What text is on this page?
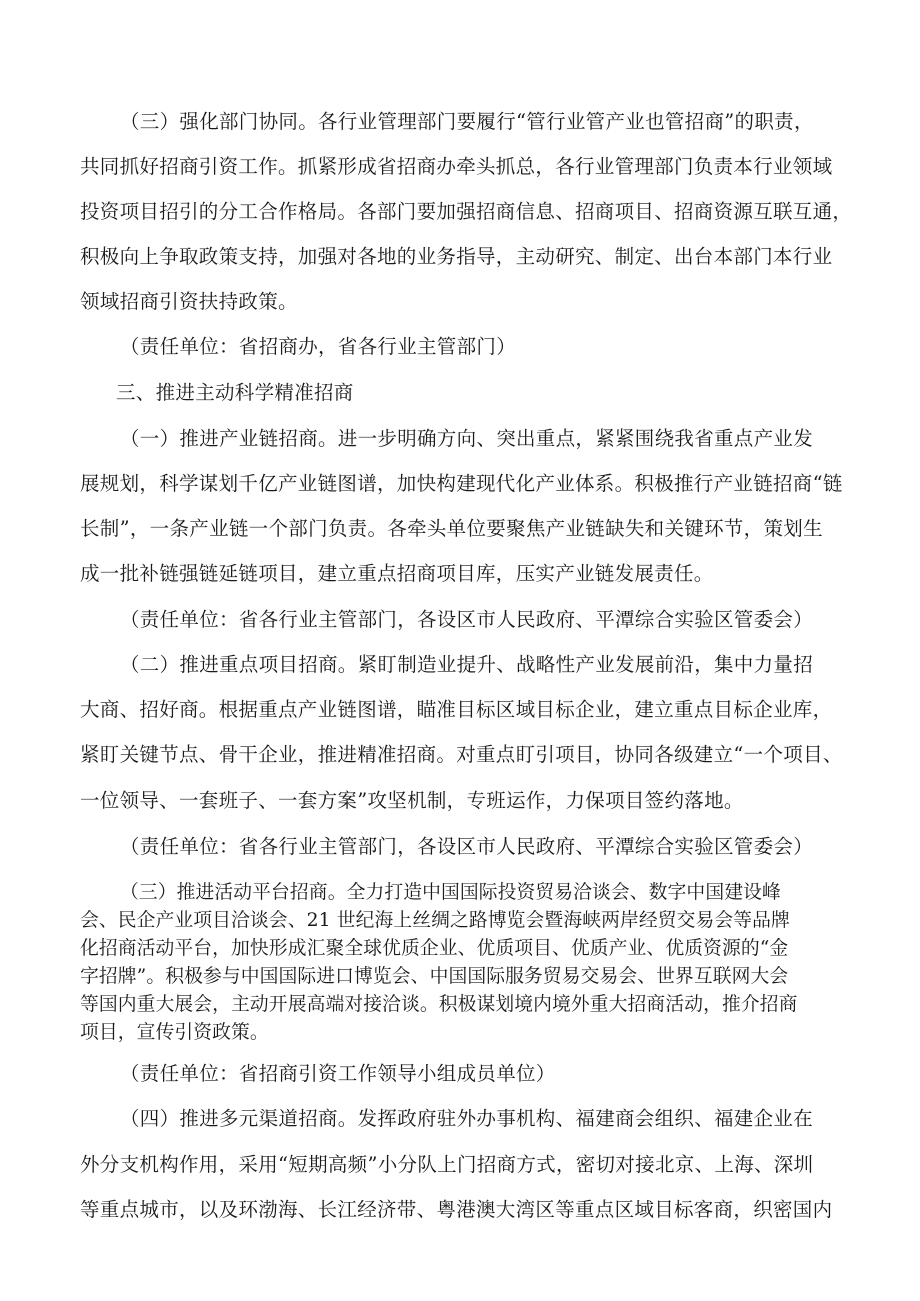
（三）强化部门协同。各行业管理部门要履行“管行业管产业也管招商”的职责，
共同抓好招商引资工作。抓紧形成省招商办牵头抓总，各行业管理部门负责本行业领域
投资项目招引的分工合作格局。各部门要加强招商信息、招商项目、招商资源互联互通，
积极向上争取政策支持，加强对各地的业务指导，主动研究、制定、出台本部门本行业
领域招商引资扶持政策。
（责任单位：省招商办，省各行业主管部门）
三、推进主动科学精准招商
（一）推进产业链招商。进一步明确方向、突出重点，紧紧围绕我省重点产业发
展规划，科学谋划千亿产业链图谱，加快构建现代化产业体系。积极推行产业链招商“链
长制”，一条产业链一个部门负责。各牵头单位要聚焦产业链缺失和关键环节，策划生
成一批补链强链延链项目，建立重点招商项目库，压实产业链发展责任。
（责任单位：省各行业主管部门，各设区市人民政府、平潭综合实验区管委会）
（二）推进重点项目招商。紧盯制造业提升、战略性产业发展前沿，集中力量招
大商、招好商。根据重点产业链图谱，瞄准目标区域目标企业，建立重点目标企业库，
紧盯关键节点、骨干企业，推进精准招商。对重点盯引项目，协同各级建立“一个项目、
一位领导、一套班子、一套方案”攻坚机制，专班运作，力保项目签约落地。
（责任单位：省各行业主管部门，各设区市人民政府、平潭综合实验区管委会）
（三）推进活动平台招商。全力打造中国国际投资贸易洽谈会、数字中国建设峰
会、民企产业项目洽谈会、21 世纪海上丝绸之路博览会暨海峡两岸经贸交易会等品牌
化招商活动平台，加快形成汇聚全球优质企业、优质项目、优质产业、优质资源的“金
字招牌”。积极参与中国国际进口博览会、中国国际服务贸易交易会、世界互联网大会
等国内重大展会，主动开展高端对接洽谈。积极谋划境内境外重大招商活动，推介招商
项目，宣传引资政策。
（责任单位：省招商引资工作领导小组成员单位）
（四）推进多元渠道招商。发挥政府驻外办事机构、福建商会组织、福建企业在
外分支机构作用，采用“短期高频”小分队上门招商方式，密切对接北京、上海、深圳
等重点城市，以及环渤海、长江经济带、粤港澳大湾区等重点区域目标客商，织密国内
